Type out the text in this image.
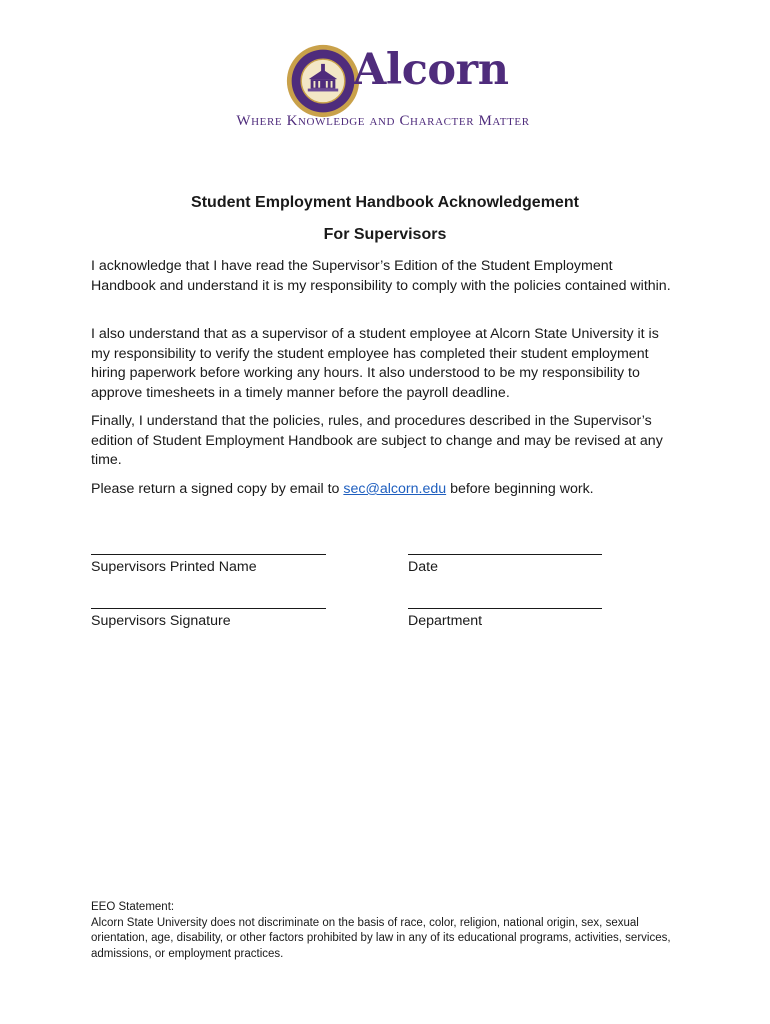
Alcorn
Where Knowledge and Character Matter
Student Employment Handbook Acknowledgement
For Supervisors

I acknowledge that I have read the Supervisor’s Edition of the Student Employment Handbook and understand it is my responsibility to comply with the policies contained within.

I also understand that as a supervisor of a student employee at Alcorn State University it is my responsibility to verify the student employee has completed their student employment hiring paperwork before working any hours. It also understood to be my responsibility to approve timesheets in a timely manner before the payroll deadline.

Finally, I understand that the policies, rules, and procedures described in the Supervisor’s edition of Student Employment Handbook are subject to change and may be revised at any time.

Please return a signed copy by email to sec@alcorn.edu before beginning work.

Supervisors Printed Name	Date
Supervisors Signature	Department
EEO Statement:
Alcorn State University does not discriminate on the basis of race, color, religion, national origin, sex, sexual orientation, age, disability, or other factors prohibited by law in any of its educational programs, activities, services, admissions, or employment practices.
